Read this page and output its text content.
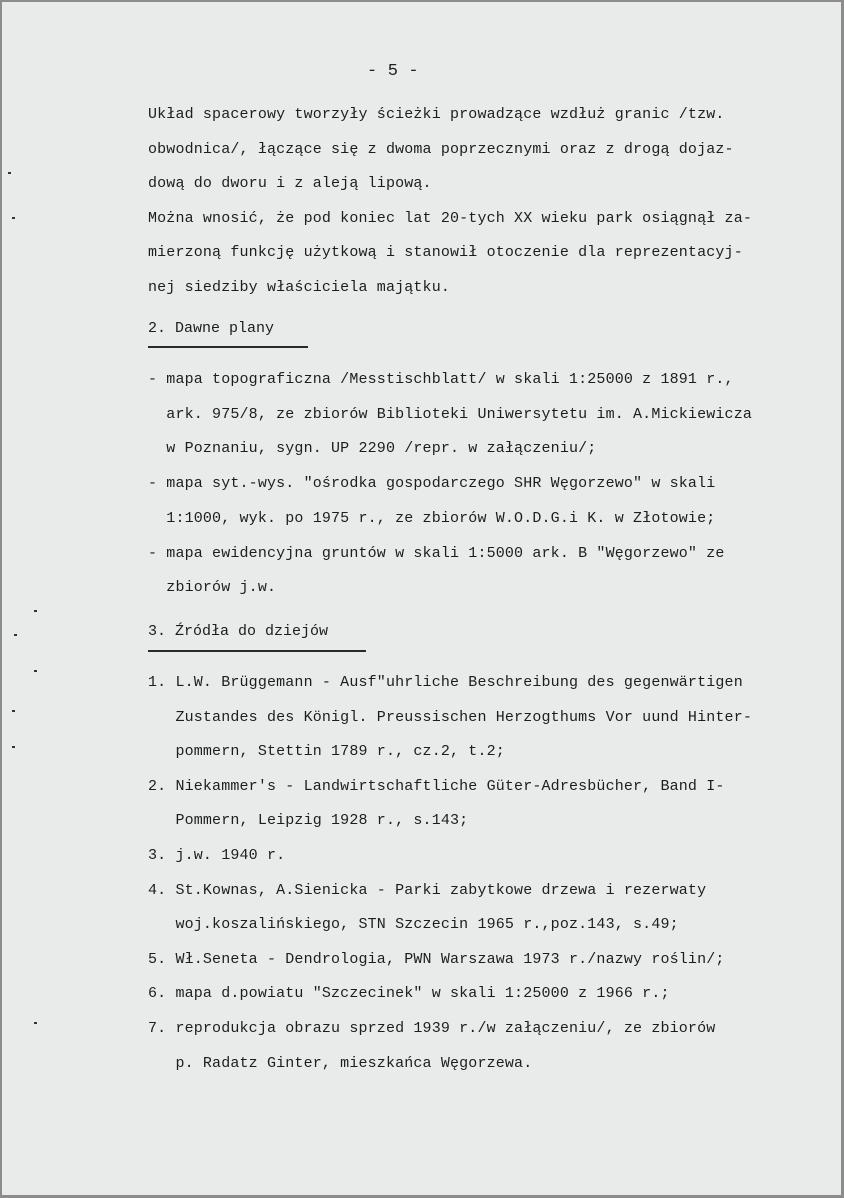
- 5 -
Układ spacerowy tworzyły ścieżki prowadzące wzdłuż granic /tzw.
obwodnica/, łączące się z dwoma poprzecznymi oraz z drogą dojaz-
dową do dworu i z aleją lipową.
Można wnosić, że pod koniec lat 20-tych XX wieku park osiągnął za-
mierzoną funkcję użytkową i stanowił otoczenie dla reprezentacyj-
nej siedziby właściciela majątku.
2. Dawne plany
- mapa topograficzna /Messtischblatt/ w skali 1:25000 z 1891 r.,
ark. 975/8, ze zbiorów Biblioteki Uniwersytetu im. A.Mickiewicza
w Poznaniu, sygn. UP 2290 /repr. w załączeniu/;
- mapa syt.-wys. "ośrodka gospodarczego SHR Węgorzewo" w skali
1:1000, wyk. po 1975 r., ze zbiorów W.O.D.G.i K. w Złotowie;
- mapa ewidencyjna gruntów w skali 1:5000 ark. B "Węgorzewo" ze
zbiorów j.w.
3. Źródła do dziejów
1. L.W. Brüggemann - Ausf"uhrliche Beschreibung des gegenwärtigen
Zustandes des Königl. Preussischen Herzogthums Vor uund Hinter-
pommern, Stettin 1789 r., cz.2, t.2;
2. Niekammer's - Landwirtschaftliche Güter-Adresbücher, Band I-
Pommern, Leipzig 1928 r., s.143;
3. j.w. 1940 r.
4. St.Kownas, A.Sienicka - Parki zabytkowe drzewa i rezerwaty
woj.koszalińskiego, STN Szczecin 1965 r.,poz.143, s.49;
5. Wł.Seneta - Dendrologia, PWN Warszawa 1973 r./nazwy roślin/;
6. mapa d.powiatu "Szczecinek" w skali 1:25000 z 1966 r.;
7. reprodukcja obrazu sprzed 1939 r./w załączeniu/, ze zbiorów
p. Radatz Ginter, mieszkańca Węgorzewa.
